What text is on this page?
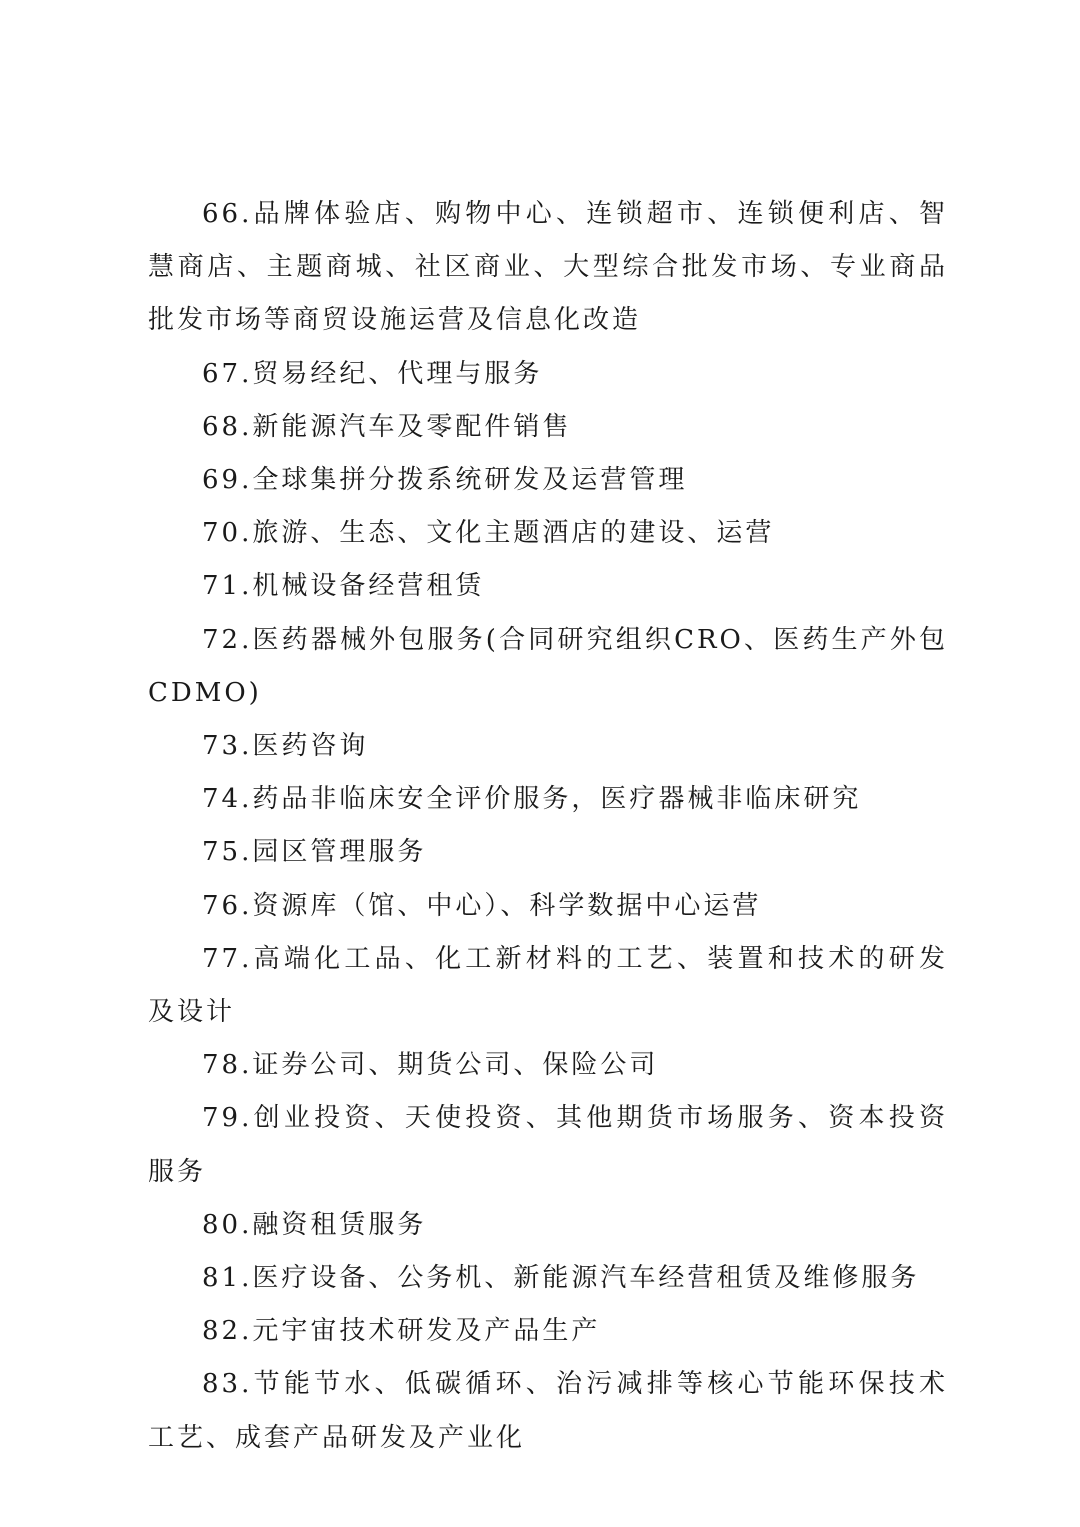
66.品牌体验店、购物中心、连锁超市、连锁便利店、智慧商店、主题商城、社区商业、大型综合批发市场、专业商品批发市场等商贸设施运营及信息化改造

67.贸易经纪、代理与服务

68.新能源汽车及零配件销售

69.全球集拼分拨系统研发及运营管理

70.旅游、生态、文化主题酒店的建设、运营

71.机械设备经营租赁

72.医药器械外包服务(合同研究组织CRO、医药生产外包CDMO)

73.医药咨询

74.药品非临床安全评价服务，医疗器械非临床研究

75.园区管理服务

76.资源库（馆、中心）、科学数据中心运营

77.高端化工品、化工新材料的工艺、装置和技术的研发及设计

78.证券公司、期货公司、保险公司

79.创业投资、天使投资、其他期货市场服务、资本投资服务

80.融资租赁服务

81.医疗设备、公务机、新能源汽车经营租赁及维修服务

82.元宇宙技术研发及产品生产

83.节能节水、低碳循环、治污减排等核心节能环保技术工艺、成套产品研发及产业化
